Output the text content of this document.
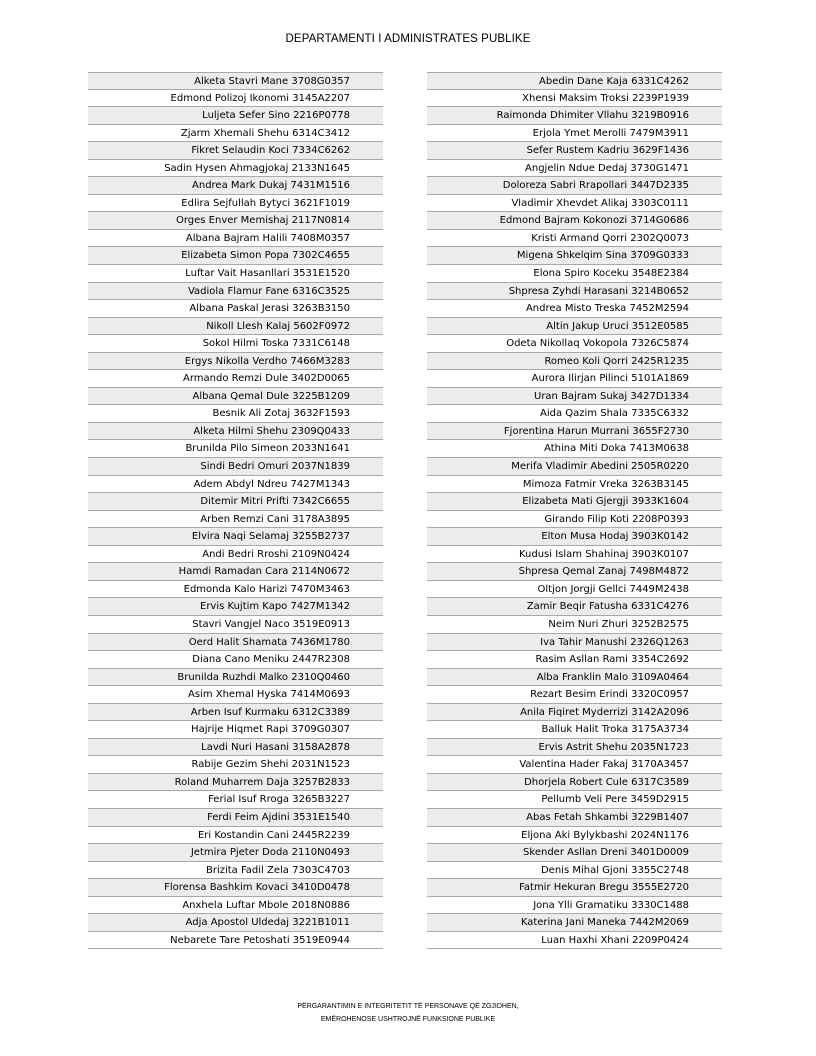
DEPARTAMENTI I ADMINISTRATES PUBLIKE
Alketa Stavri Mane 3708G0357
Edmond Polizoj Ikonomi 3145A2207
Luljeta Sefer Sino 2216P0778
Zjarm Xhemali Shehu 6314C3412
Fikret Selaudin Koci 7334C6262
Sadin Hysen Ahmagjokaj 2133N1645
Andrea Mark Dukaj 7431M1516
Edlira Sejfullah Bytyci 3621F1019
Orges Enver Memishaj 2117N0814
Albana Bajram Halili 7408M0357
Elizabeta Simon Popa 7302C4655
Luftar Vait Hasanllari 3531E1520
Vadiola Flamur Fane 6316C3525
Albana Paskal Jerasi 3263B3150
Nikoll Llesh Kalaj 5602F0972
Sokol Hilmi Toska 7331C6148
Ergys Nikolla Verdho 7466M3283
Armando Remzi Dule 3402D0065
Albana Qemal Dule 3225B1209
Besnik Ali Zotaj 3632F1593
Alketa Hilmi Shehu 2309Q0433
Brunilda Pilo Simeon 2033N1641
Sindi Bedri Omuri 2037N1839
Adem Abdyl Ndreu 7427M1343
Ditemir Mitri Prifti 7342C6655
Arben Remzi Cani 3178A3895
Elvira Naqi Selamaj 3255B2737
Andi Bedri Rroshi 2109N0424
Hamdi Ramadan Cara 2114N0672
Edmonda Kalo Harizi 7470M3463
Ervis Kujtim Kapo 7427M1342
Stavri Vangjel Naco 3519E0913
Oerd Halit Shamata 7436M1780
Diana Cano Meniku 2447R2308
Brunilda Ruzhdi Malko 2310Q0460
Asim Xhemal Hyska 7414M0693
Arben Isuf Kurmaku 6312C3389
Hajrije Hiqmet Rapi 3709G0307
Lavdi Nuri Hasani 3158A2878
Rabije Gezim Shehi 2031N1523
Roland Muharrem Daja 3257B2833
Ferial Isuf Rroga 3265B3227
Ferdi Feim Ajdini 3531E1540
Eri Kostandin Cani 2445R2239
Jetmira Pjeter Doda 2110N0493
Brizita Fadil Zela 7303C4703
Florensa Bashkim Kovaci 3410D0478
Anxhela Luftar Mbole 2018N0886
Adja Apostol Uldedaj 3221B1011
Nebarete Tare Petoshati 3519E0944
Abedin Dane Kaja 6331C4262
Xhensi Maksim Troksi 2239P1939
Raimonda Dhimiter Vllahu 3219B0916
Erjola Ymet Merolli 7479M3911
Sefer Rustem Kadriu 3629F1436
Angjelin Ndue Dedaj 3730G1471
Doloreza Sabri Rrapollari 3447D2335
Vladimir Xhevdet Alikaj 3303C0111
Edmond Bajram Kokonozi 3714G0686
Kristi Armand Qorri 2302Q0073
Migena Shkelqim Sina 3709G0333
Elona Spiro Koceku 3548E2384
Shpresa Zyhdi Harasani 3214B0652
Andrea Misto Treska 7452M2594
Altin Jakup Uruci 3512E0585
Odeta Nikollaq Vokopola 7326C5874
Romeo Koli Qorri 2425R1235
Aurora Ilirjan Pilinci 5101A1869
Uran Bajram Sukaj 3427D1334
Aida Qazim Shala 7335C6332
Fjorentina Harun Murrani 3655F2730
Athina Miti Doka 7413M0638
Merifa Vladimir Abedini 2505R0220
Mimoza Fatmir Vreka 3263B3145
Elizabeta Mati Gjergji 3933K1604
Girando Filip Koti 2208P0393
Elton Musa Hodaj 3903K0142
Kudusi Islam Shahinaj 3903K0107
Shpresa Qemal Zanaj 7498M4872
Oltjon Jorgji Gellci 7449M2438
Zamir Beqir Fatusha 6331C4276
Neim Nuri Zhuri 3252B2575
Iva Tahir Manushi 2326Q1263
Rasim Asllan Rami 3354C2692
Alba Franklin Malo 3109A0464
Rezart Besim Erindi 3320C0957
Anila Fiqiret Myderrizi 3142A2096
Balluk Halit Troka 3175A3734
Ervis Astrit Shehu 2035N1723
Valentina Hader Fakaj 3170A3457
Dhorjela Robert Cule 6317C3589
Pellumb Veli Pere 3459D2915
Abas Fetah Shkambi 3229B1407
Eljona Aki Bylykbashi 2024N1176
Skender Asllan Dreni 3401D0009
Denis Mihal Gjoni 3355C2748
Fatmir Hekuran Bregu 3555E2720
Jona Ylli Gramatiku 3330C1488
Katerina Jani Maneka 7442M2069
Luan Haxhi Xhani 2209P0424
PËRGARANTIMIN E INTEGRITETIT TË PERSONAVE QË ZGJIDHEN,
EMËROHENOSE USHTROJNË FUNKSIONE PUBLIKE
